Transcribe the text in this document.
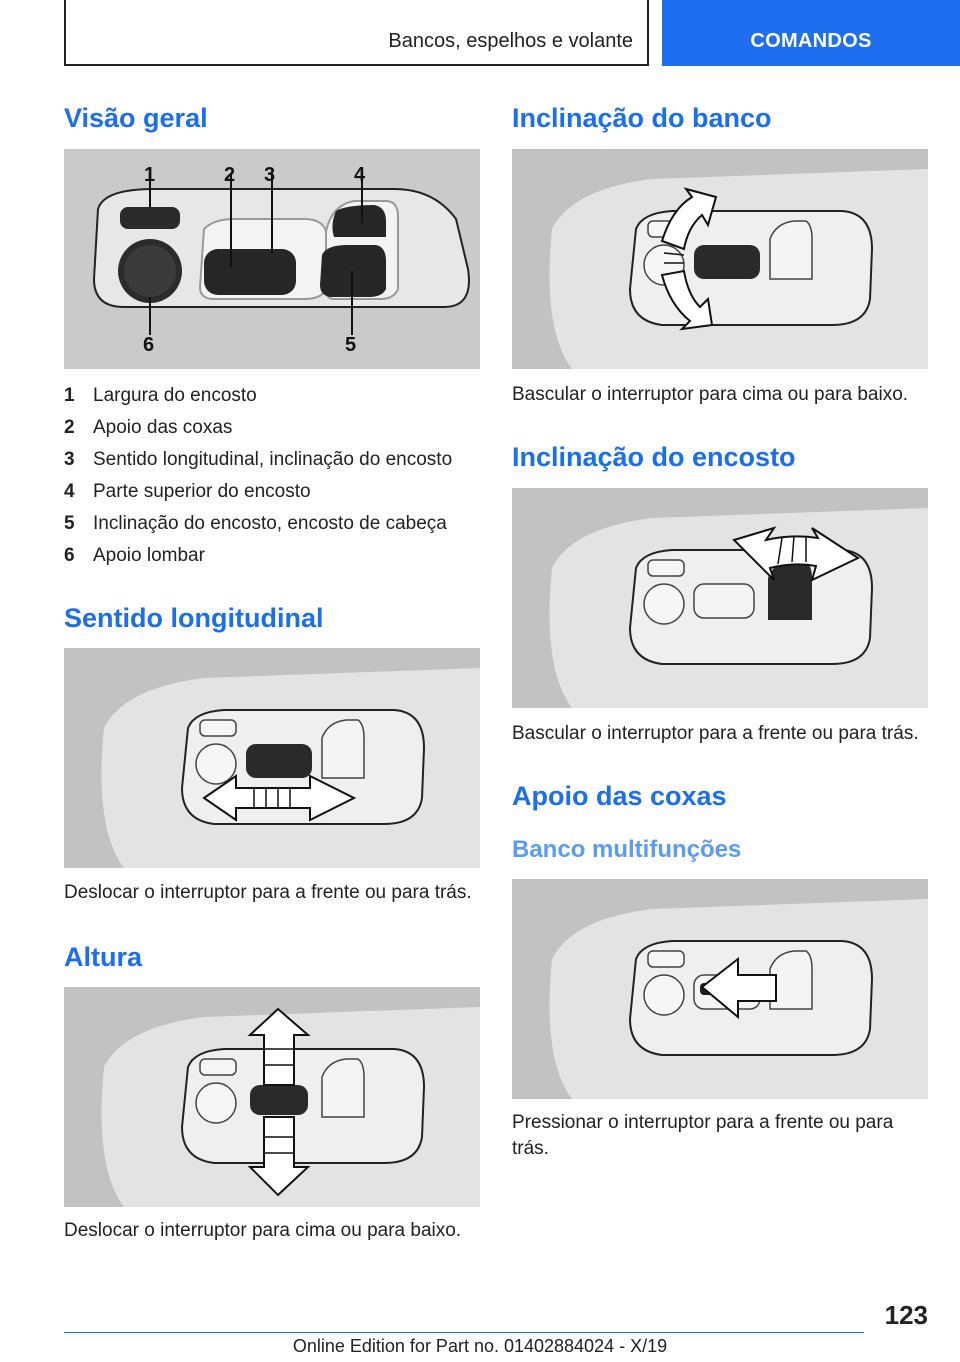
Bancos, espelhos e volante	COMANDOS
Visão geral
1	2 3	4
5
6
1 Largura do encosto
2 Apoio das coxas
3 Sentido longitudinal, inclinação do encosto
4 Parte superior do encosto
5 Inclinação do encosto, encosto de cabeça
6 Apoio lombar
Sentido longitudinal
Deslocar o interruptor para a frente ou para trás.
Altura
Deslocar o interruptor para cima ou para baixo.
Inclinação do banco
Bascular o interruptor para cima ou para baixo.
Inclinação do encosto
Bascular o interruptor para a frente ou para trás.
Apoio das coxas
Banco multifunções
Pressionar o interruptor para a frente ou para trás.
123
Online Edition for Part no. 01402884024 - X/19
